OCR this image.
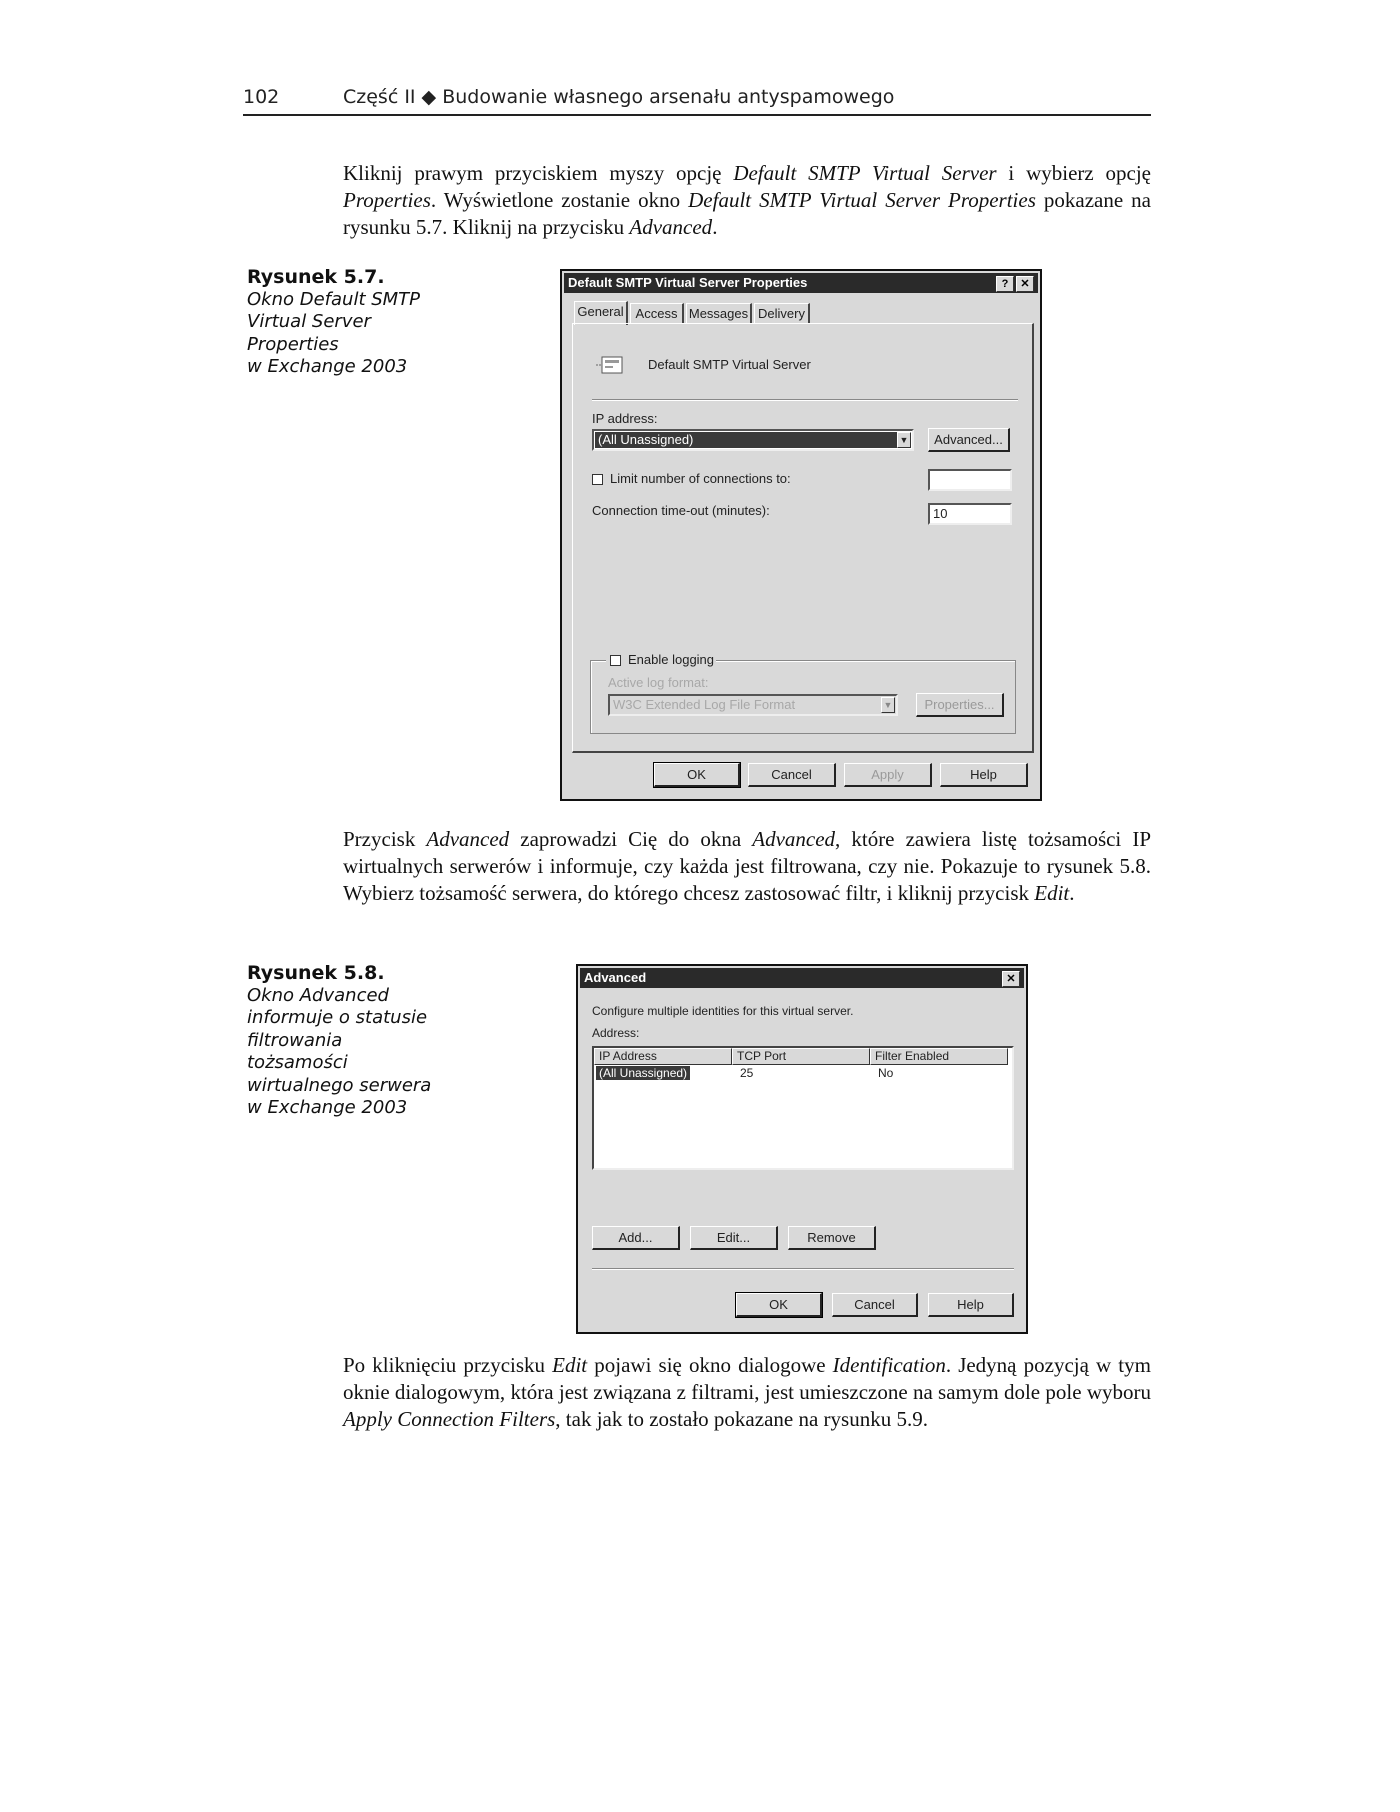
102	Część II ◆ Budowanie własnego arsenału antyspamowego

Kliknij prawym przyciskiem myszy opcję Default SMTP Virtual Server i wybierz opcję Properties. Wyświetlone zostanie okno Default SMTP Virtual Server Properties pokazane na rysunku 5.7. Kliknij na przycisku Advanced.

Rysunek 5.7.
Okno Default SMTP
Virtual Server
Properties
w Exchange 2003
Default SMTP Virtual Server Properties	?	✕
General Access Messages Delivery
Default SMTP Virtual Server
IP address:
(All Unassigned)	▼	Advanced...
Limit number of connections to:
Connection time-out (minutes):	10
Enable logging
Active log format:
W3C Extended Log File Format	▼	Properties...
OK	Cancel	Apply	Help

Przycisk Advanced zaprowadzi Cię do okna Advanced, które zawiera listę tożsamości IP wirtualnych serwerów i informuje, czy każda jest filtrowana, czy nie. Pokazuje to rysunek 5.8. Wybierz tożsamość serwera, do którego chcesz zastosować filtr, i kliknij przycisk Edit.

Rysunek 5.8.
Okno Advanced
informuje o statusie
filtrowania
tożsamości
wirtualnego serwera
w Exchange 2003
Advanced	✕
Configure multiple identities for this virtual server.
Address:
IP Address	TCP Port	Filter Enabled
(All Unassigned)	25	No
Add...	Edit...	Remove
OK	Cancel	Help

Po kliknięciu przycisku Edit pojawi się okno dialogowe Identification. Jedyną pozycją w tym oknie dialogowym, która jest związana z filtrami, jest umieszczone na samym dole pole wyboru Apply Connection Filters, tak jak to zostało pokazane na rysunku 5.9.
